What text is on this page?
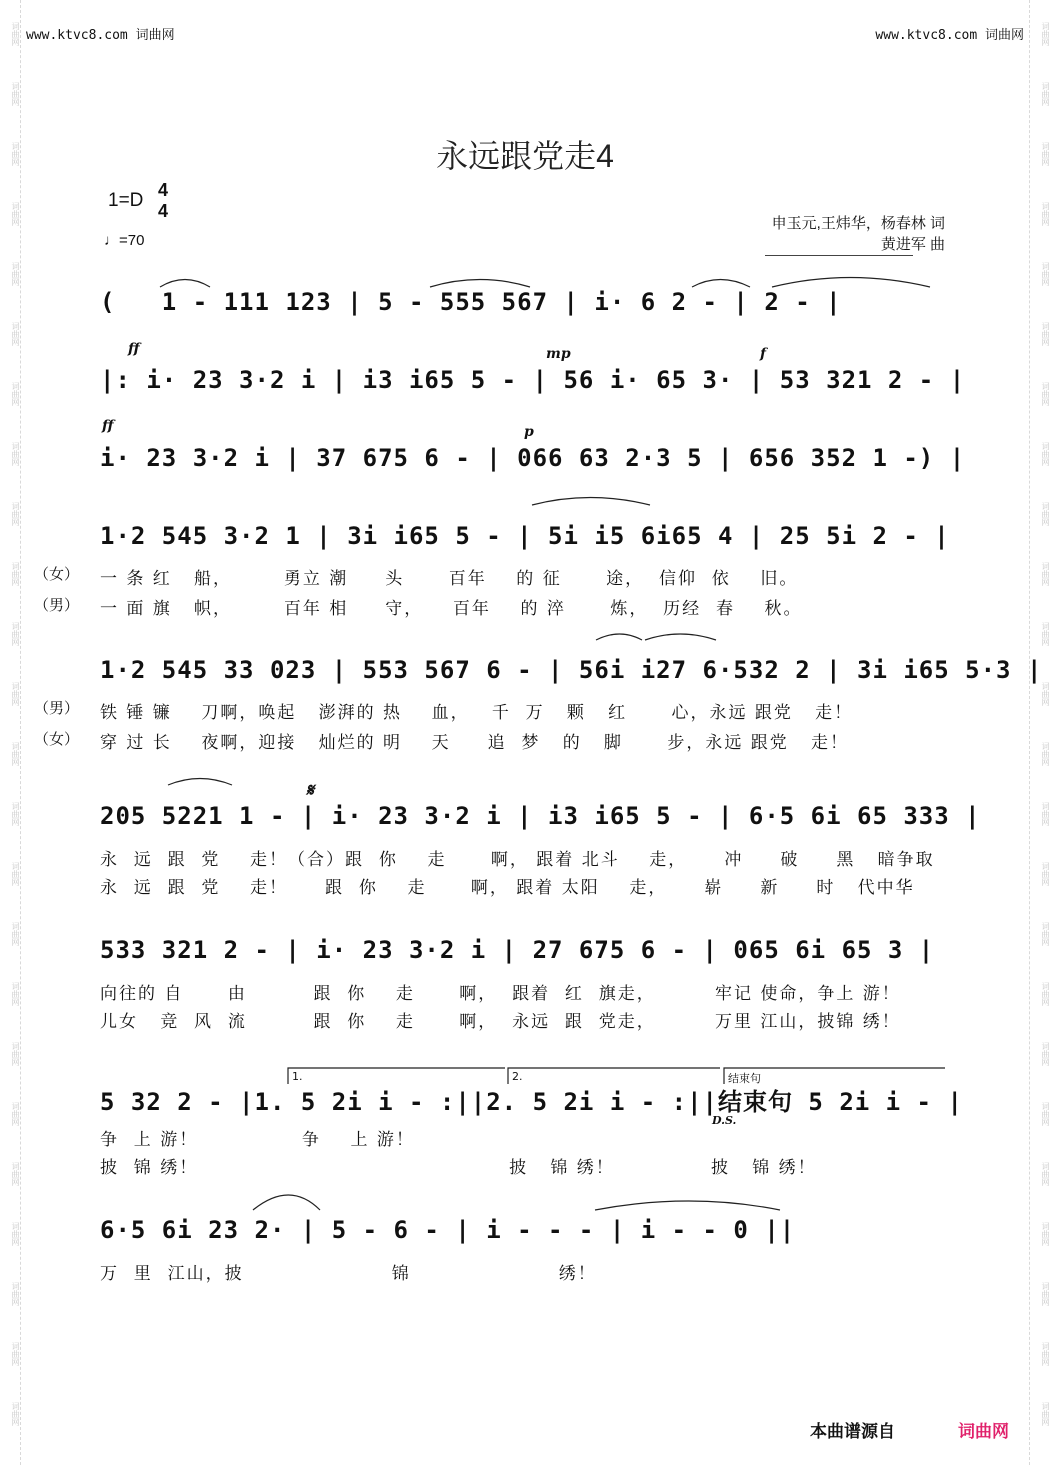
词曲网
词曲网
词曲网
词曲网
词曲网
词曲网
词曲网
词曲网
词曲网
词曲网
词曲网
词曲网
词曲网
词曲网
词曲网
词曲网
词曲网
词曲网
词曲网
词曲网
词曲网
词曲网
词曲网
词曲网
词曲网
词曲网
词曲网
词曲网
词曲网
词曲网
词曲网
词曲网
词曲网
词曲网
词曲网
词曲网
词曲网
词曲网
词曲网
词曲网
词曲网
词曲网
词曲网
词曲网
词曲网
词曲网
词曲网
词曲网
www.ktvc8.com 词曲网	www.ktvc8.com 词曲网
永远跟党走4
1=D 4
4
♩=70
申玉元,王炜华，杨春林 词
黄进军 曲
(   1 - 111 123 | 5 - 555 567 | i· 6 2 - | 2 - |
ff	mp	f
|: i· 23 3·2 i | i3 i65 5 - | 56 i· 65 3· | 53 321 2 - |
ff	p
i· 23 3·2 i | 37 675 6 - | 066 63 2·3 5 | 656 352 1 -) |
1·2 545 3·2 1 | 3i i65 5 - | 5i i5 6i65 4 | 25 5i 2 - |
（女） 一 条 红   船，       勇立 潮     头      百年    的 征      途，  信仰  依    旧。
（男） 一 面 旗   帜，       百年 相     守，    百年    的 淬      炼，  历经  春    秋。
1·2 545 33 023 | 553 567 6 - | 56i i27 6·532 2 | 3i i65 5·3 |
（男） 铁 锤 镰    刀啊，唤起   澎湃的 热    血，   千  万   颗   红      心，永远 跟党   走！
（女） 穿 过 长    夜啊，迎接   灿烂的 明    天     追  梦   的   脚      步，永远 跟党   走！
𝄋
205 5221 1 - | i· 23 3·2 i | i3 i65 5 - | 6·5 6i 65 333 |
永  远  跟  党    走！（合）跟  你    走      啊， 跟着 北斗    走，     冲     破     黑   暗争取
永  远  跟  党    走！     跟  你    走      啊， 跟着 太阳    走，     崭     新     时   代中华
533 321 2 - | i· 23 3·2 i | 27 675 6 - | 065 6i 65 3 |
向往的 自      由         跟  你    走      啊，  跟着  红  旗走，        牢记 使命，争上 游！
儿女   竞  风  流         跟  你    走      啊，  永远  跟  党走，        万里 江山，披锦 绣！
1.	2.	结束句
5 32 2 - |1. 5 2i i - :||2. 5 2i i - :||结束句 5 2i i - |
D.S.
争  上 游！              争    上 游！
披  锦 绣！                                          披   锦 绣！             披   锦 绣！
6·5 6i 23 2· | 5 - 6 - | i - - - | i - - 0 ||
万  里  江山，披                    锦                    绣！
本曲谱源自	词曲网
